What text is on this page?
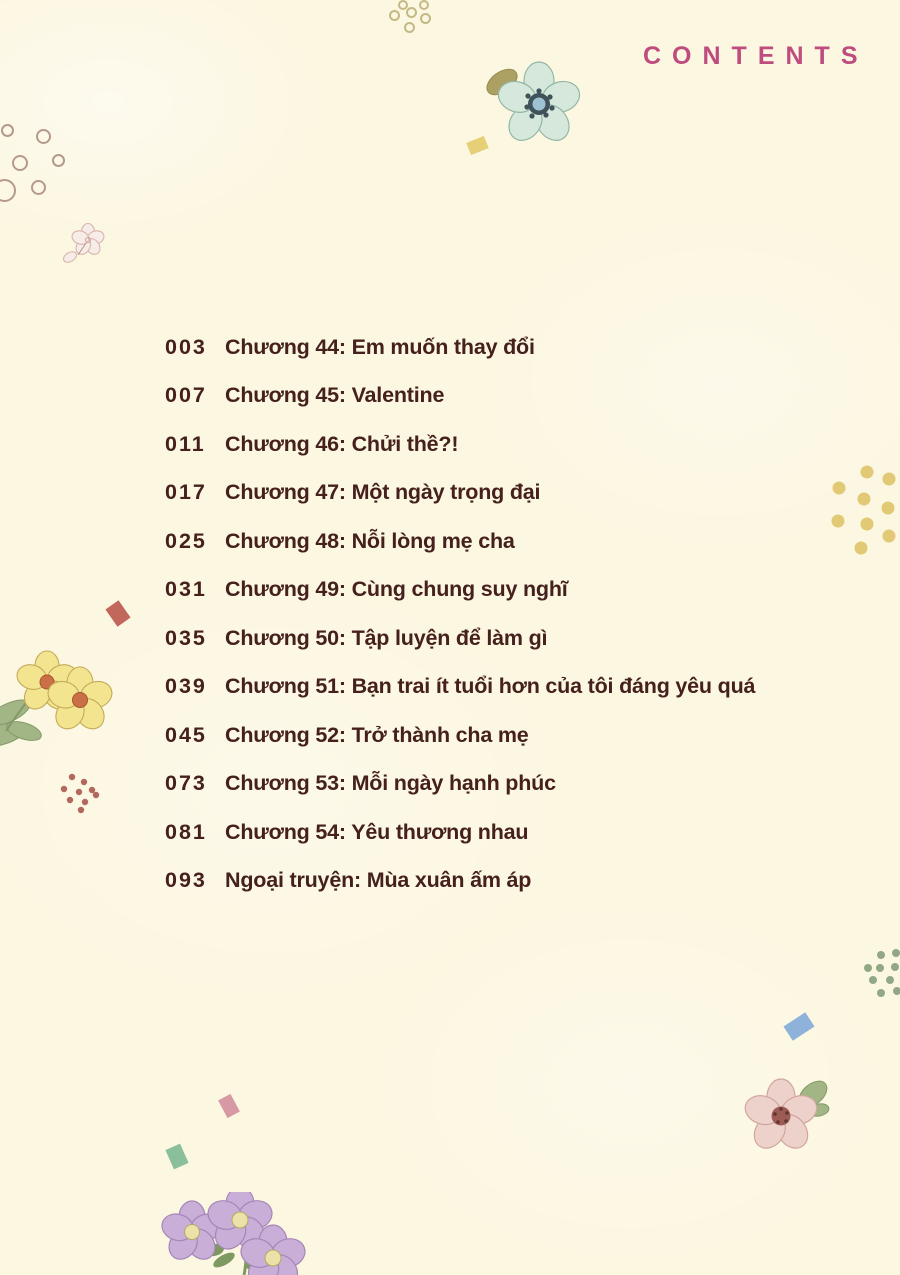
CONTENTS
003 Chương 44: Em muốn thay đổi
007 Chương 45: Valentine
011 Chương 46: Chửi thề?!
017 Chương 47: Một ngày trọng đại
025 Chương 48: Nỗi lòng mẹ cha
031 Chương 49: Cùng chung suy nghĩ
035 Chương 50: Tập luyện để làm gì
039 Chương 51: Bạn trai ít tuổi hơn của tôi đáng yêu quá
045 Chương 52: Trở thành cha mẹ
073 Chương 53: Mỗi ngày hạnh phúc
081 Chương 54: Yêu thương nhau
093 Ngoại truyện: Mùa xuân ấm áp
